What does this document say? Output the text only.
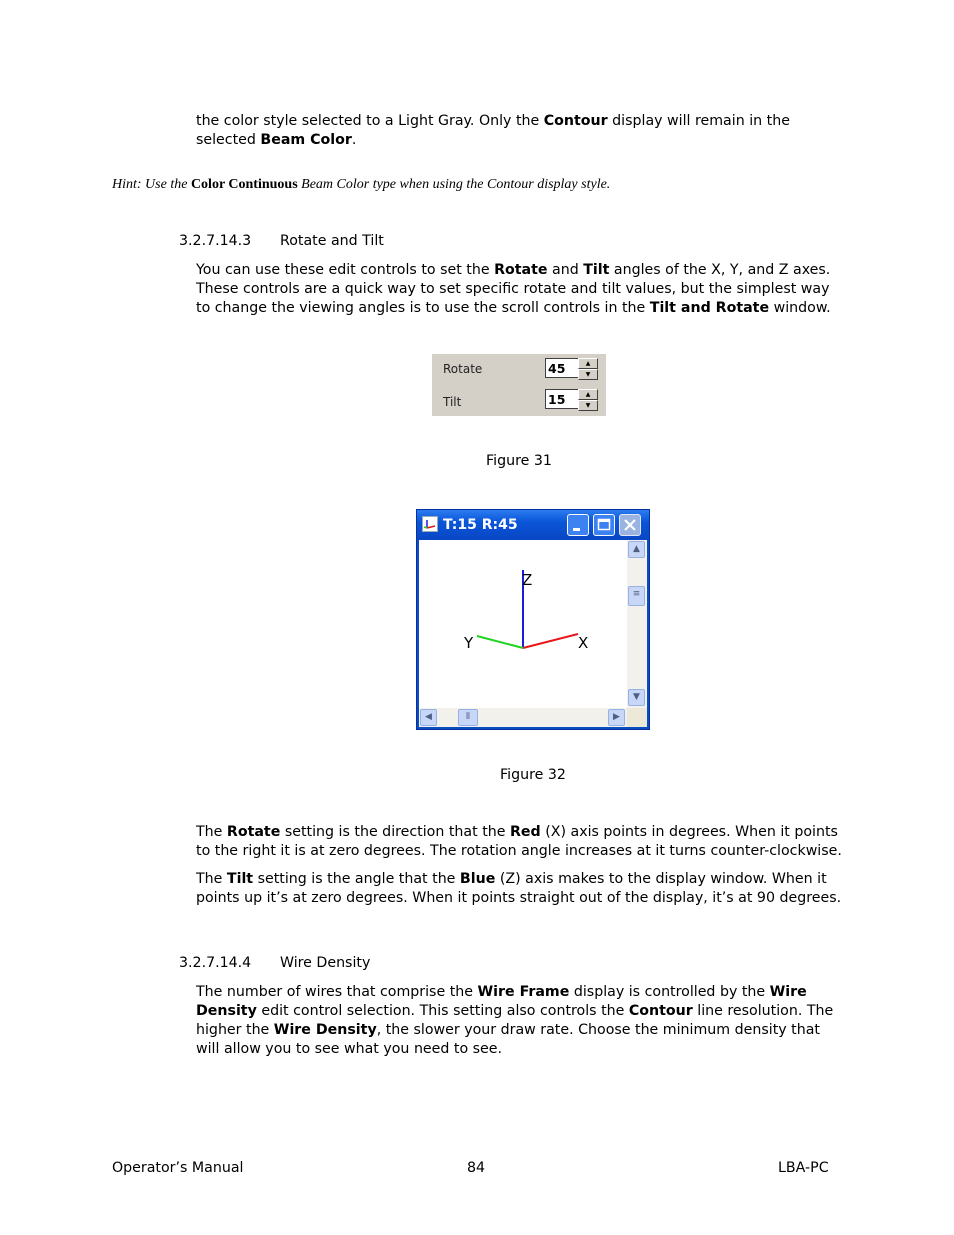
the color style selected to a Light Gray. Only the Contour display will remain in the selected Beam Color.
Hint: Use the Color Continuous Beam Color type when using the Contour display style.
3.2.7.14.3 Rotate and Tilt
You can use these edit controls to set the Rotate and Tilt angles of the X, Y, and Z axes. These controls are a quick way to set specific rotate and tilt values, but the simplest way to change the viewing angles is to use the scroll controls in the Tilt and Rotate window.
Rotate	45	▲
▼
Tilt	15	▲
▼
Figure 31
T:15 R:45
Z
Y	X
▲
≡
▼
◀	⦀	▶
Figure 32
The Rotate setting is the direction that the Red (X) axis points in degrees. When it points to the right it is at zero degrees. The rotation angle increases at it turns counter-clockwise.
The Tilt setting is the angle that the Blue (Z) axis makes to the display window. When it points up it’s at zero degrees. When it points straight out of the display, it’s at 90 degrees.
3.2.7.14.4 Wire Density
The number of wires that comprise the Wire Frame display is controlled by the Wire Density edit control selection. This setting also controls the Contour line resolution. The higher the Wire Density, the slower your draw rate. Choose the minimum density that will allow you to see what you need to see.
Operator’s Manual	84	LBA-PC
